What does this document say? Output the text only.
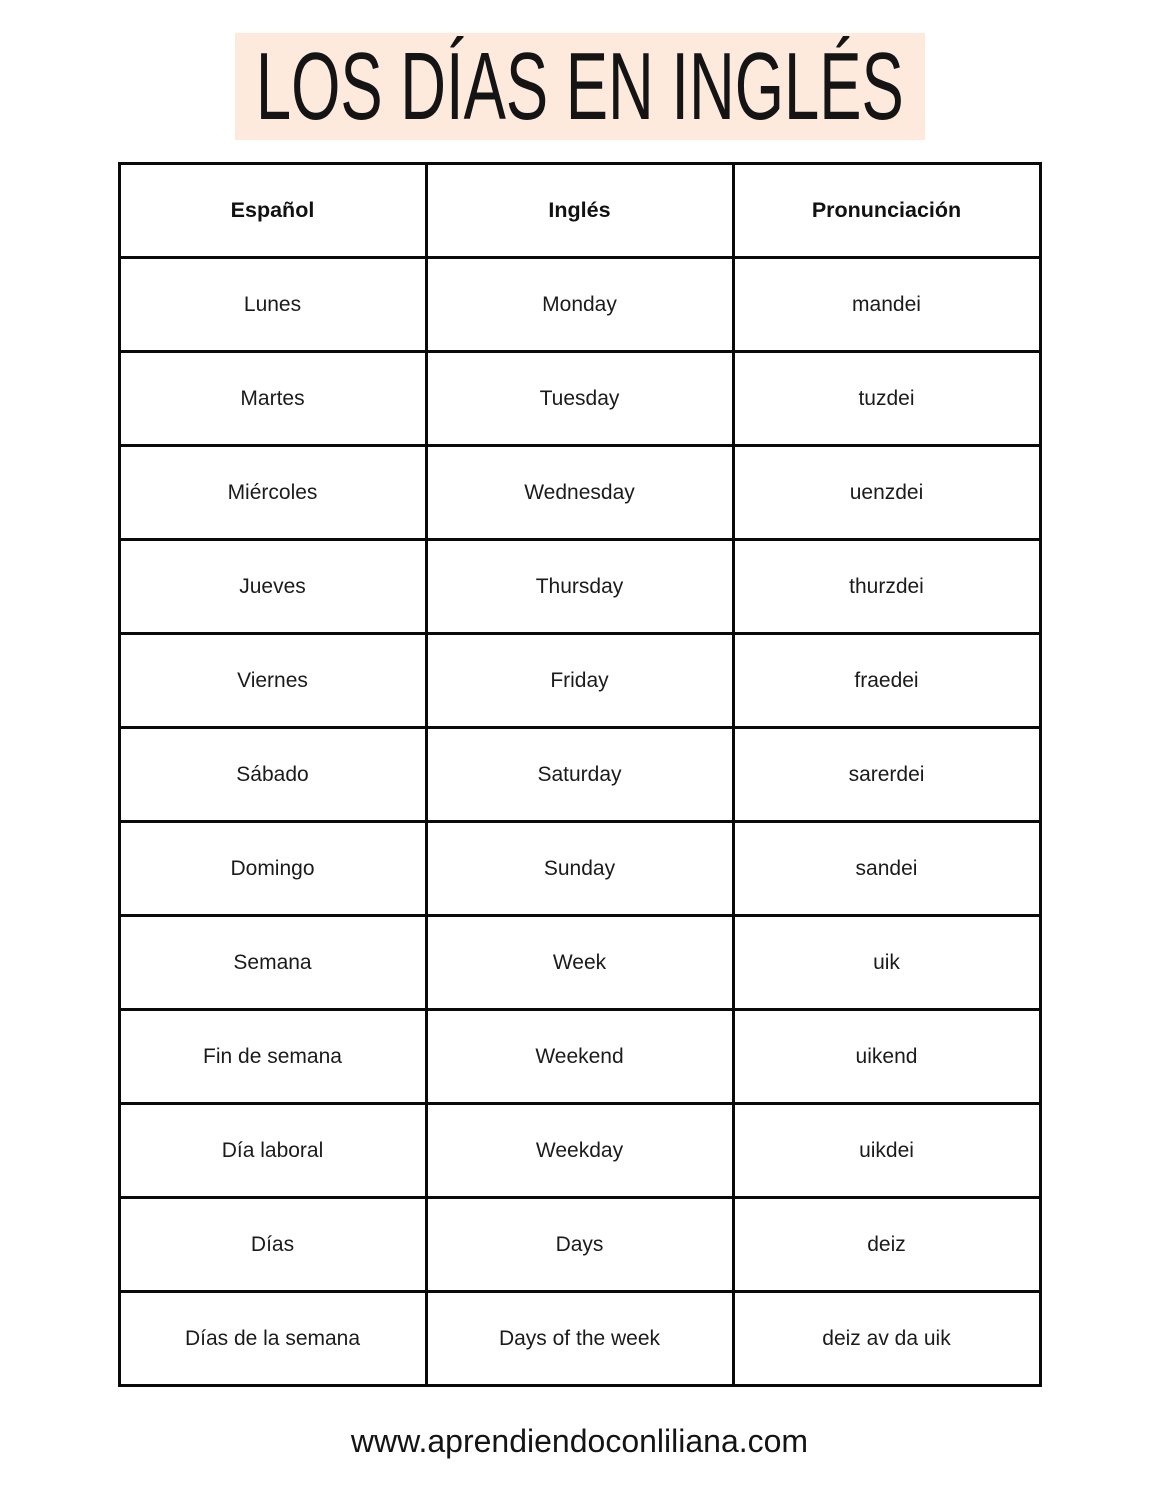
LOS DÍAS EN INGLÉS
Español	Inglés	Pronunciación
Lunes	Monday	mandei
Martes	Tuesday	tuzdei
Miércoles	Wednesday	uenzdei
Jueves	Thursday	thurzdei
Viernes	Friday	fraedei
Sábado	Saturday	sarerdei
Domingo	Sunday	sandei
Semana	Week	uik
Fin de semana	Weekend	uikend
Día laboral	Weekday	uikdei
Días	Days	deiz
Días de la semana	Days of the week	deiz av da uik
www.aprendiendoconliliana.com
